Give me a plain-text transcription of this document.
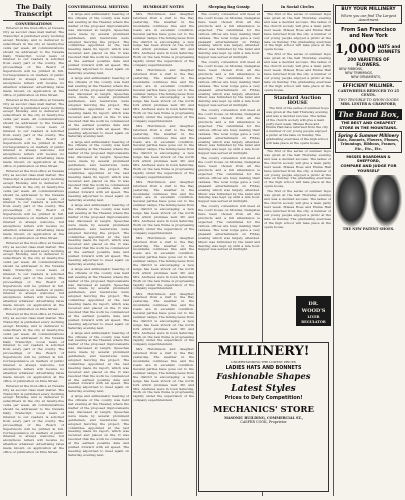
The Daily Transcript
CONVERSATIONS

Entered at the Post-office at Nevada City as second class mail matter. The Transcript is published every morning except Monday, and is delivered to subscribers in the city at twenty-five cents per week. All communications should be addressed to the Nevada Daily Transcript. Local news of interest to our readers is solicited from every part of the county. The proceedings of the Board of Supervisors will be printed in full. Correspondence on matters of public interest is always welcome, but anonymous letters will receive no attention whatever. Advertising rates made known on application at the office of publication on Pine Street.

Entered at the Post-office at Nevada City as second class mail matter. The Transcript is published every morning except Monday, and is delivered to subscribers in the city at twenty-five cents per week. All communications should be addressed to the Nevada Daily Transcript. Local news of interest to our readers is solicited from every part of the county. The proceedings of the Board of Supervisors will be printed in full. Correspondence on matters of public interest is always welcome, but anonymous letters will receive no attention whatever. Advertising rates made known on application at the office of publication on Pine Street.

Entered at the Post-office at Nevada City as second class mail matter. The Transcript is published every morning except Monday, and is delivered to subscribers in the city at twenty-five cents per week. All communications should be addressed to the Nevada Daily Transcript. Local news of interest to our readers is solicited from every part of the county. The proceedings of the Board of Supervisors will be printed in full. Correspondence on matters of public interest is always welcome, but anonymous letters will receive no attention whatever. Advertising rates made known on application at the office of publication on Pine Street.

Entered at the Post-office at Nevada City as second class mail matter. The Transcript is published every morning except Monday, and is delivered to subscribers in the city at twenty-five cents per week. All communications should be addressed to the Nevada Daily Transcript. Local news of interest to our readers is solicited from every part of the county. The proceedings of the Board of Supervisors will be printed in full. Correspondence on matters of public interest is always welcome, but anonymous letters will receive no attention whatever. Advertising rates made known on application at the office of publication on Pine Street.

Entered at the Post-office at Nevada City as second class mail matter. The Transcript is published every morning except Monday, and is delivered to subscribers in the city at twenty-five cents per week. All communications should be addressed to the Nevada Daily Transcript. Local news of interest to our readers is solicited from every part of the county. The proceedings of the Board of Supervisors will be printed in full. Correspondence on matters of public interest is always welcome, but anonymous letters will receive no attention whatever. Advertising rates made known on application at the office of publication on Pine Street.

Entered at the Post-office at Nevada City as second class mail matter. The Transcript is published every morning except Monday, and is delivered to subscribers in the city at twenty-five cents per week. All communications should be addressed to the Nevada Daily Transcript. Local news of interest to our readers is solicited from every part of the county. The proceedings of the Board of Supervisors will be printed in full. Correspondence on matters of public interest is always welcome, but anonymous letters will receive no attention whatever. Advertising rates made known on application at the office of publication on Pine Street.

CONVERSATIONAL MEETING

A large and enthusiastic meeting of the citizens of the county was held last evening at the Theater, where the matter of the proposed improvements was discussed at length. Speeches were made by several prominent gentlemen, and resolutions were adopted favoring the project. The committee appointed at the last meeting made its report, which was received and placed on file. It was resolved that the work be commenced at the earliest possible date and pushed forward with all speed. The meeting adjourned to meet again on Saturday evening next.

A large and enthusiastic meeting of the citizens of the county was held last evening at the Theater, where the matter of the proposed improvements was discussed at length. Speeches were made by several prominent gentlemen, and resolutions were adopted favoring the project. The committee appointed at the last meeting made its report, which was received and placed on file. It was resolved that the work be commenced at the earliest possible date and pushed forward with all speed. The meeting adjourned to meet again on Saturday evening next.

A large and enthusiastic meeting of the citizens of the county was held last evening at the Theater, where the matter of the proposed improvements was discussed at length. Speeches were made by several prominent gentlemen, and resolutions were adopted favoring the project. The committee appointed at the last meeting made its report, which was received and placed on file. It was resolved that the work be commenced at the earliest possible date and pushed forward with all speed. The meeting adjourned to meet again on Saturday evening next.

A large and enthusiastic meeting of the citizens of the county was held last evening at the Theater, where the matter of the proposed improvements was discussed at length. Speeches were made by several prominent gentlemen, and resolutions were adopted favoring the project. The committee appointed at the last meeting made its report, which was received and placed on file. It was resolved that the work be commenced at the earliest possible date and pushed forward with all speed. The meeting adjourned to meet again on Saturday evening next.

A large and enthusiastic meeting of the citizens of the county was held last evening at the Theater, where the matter of the proposed improvements was discussed at length. Speeches were made by several prominent gentlemen, and resolutions were adopted favoring the project. The committee appointed at the last meeting made its report, which was received and placed on file. It was resolved that the work be commenced at the earliest possible date and pushed forward with all speed. The meeting adjourned to meet again on Saturday evening next.

A large and enthusiastic meeting of the citizens of the county was held last evening at the Theater, where the matter of the proposed improvements was discussed at length. Speeches were made by several prominent gentlemen, and resolutions were adopted favoring the project. The committee appointed at the last meeting made its report, which was received and placed on file. It was resolved that the work be commenced at the earliest possible date and pushed forward with all speed. The meeting adjourned to meet again on Saturday evening next.

A large and enthusiastic meeting of the citizens of the county was held last evening at the Theater, where the matter of the proposed improvements was discussed at length. Speeches were made by several prominent gentlemen, and resolutions were adopted favoring the project. The committee appointed at the last meeting made its report, which was received and placed on file. It was resolved that the work be commenced at the earliest possible date and pushed forward with all speed. The meeting adjourned to meet again on Saturday evening next.

HUMBOLDT NOTES

Mrs. Hutchinson and daughter returned from a visit to the Bay yesterday. The weather in the mountains continues fine and the roads are in excellent condition. Several parties have gone out to the summer camps. The mining news from the district is encouraging; a new ledge has been struck on the north fork which promises well. Mr. and Mrs. Andrews were in town Saturday. Work on the new flume is progressing rapidly under the supervision of the company superintendent.

Mrs. Hutchinson and daughter returned from a visit to the Bay yesterday. The weather in the mountains continues fine and the roads are in excellent condition. Several parties have gone out to the summer camps. The mining news from the district is encouraging; a new ledge has been struck on the north fork which promises well. Mr. and Mrs. Andrews were in town Saturday. Work on the new flume is progressing rapidly under the supervision of the company superintendent.

Mrs. Hutchinson and daughter returned from a visit to the Bay yesterday. The weather in the mountains continues fine and the roads are in excellent condition. Several parties have gone out to the summer camps. The mining news from the district is encouraging; a new ledge has been struck on the north fork which promises well. Mr. and Mrs. Andrews were in town Saturday. Work on the new flume is progressing rapidly under the supervision of the company superintendent.

Mrs. Hutchinson and daughter returned from a visit to the Bay yesterday. The weather in the mountains continues fine and the roads are in excellent condition. Several parties have gone out to the summer camps. The mining news from the district is encouraging; a new ledge has been struck on the north fork which promises well. Mr. and Mrs. Andrews were in town Saturday. Work on the new flume is progressing rapidly under the supervision of the company superintendent.

Mrs. Hutchinson and daughter returned from a visit to the Bay yesterday. The weather in the mountains continues fine and the roads are in excellent condition. Several parties have gone out to the summer camps. The mining news from the district is encouraging; a new ledge has been struck on the north fork which promises well. Mr. and Mrs. Andrews were in town Saturday. Work on the new flume is progressing rapidly under the supervision of the company superintendent.

Mrs. Hutchinson and daughter returned from a visit to the Bay yesterday. The weather in the mountains continues fine and the roads are in excellent condition. Several parties have gone out to the summer camps. The mining news from the district is encouraging; a new ledge has been struck on the north fork which promises well. Mr. and Mrs. Andrews were in town Saturday. Work on the new flume is progressing rapidly under the supervision of the company superintendent.

Mrs. Hutchinson and daughter returned from a visit to the Bay yesterday. The weather in the mountains continues fine and the roads are in excellent condition. Several parties have gone out to the summer camps. The mining news from the district is encouraging; a new ledge has been struck on the north fork which promises well. Mr. and Mrs. Andrews were in town Saturday. Work on the new flume is progressing rapidly under the supervision of the company superintendent.

Sleeping Bag Gossip

The county convention will meet at the court house on Monday. Delegates have been chosen from all the precincts and a full attendance is expected. The candidates for the various offices are busy making their canvass. The local lodge gave a very pleasant entertainment on Friday evening which was largely attended. Music was furnished by the band and dancing was kept up until a late hour. Supper was served at midnight.

The county convention will meet at the court house on Monday. Delegates have been chosen from all the precincts and a full attendance is expected. The candidates for the various offices are busy making their canvass. The local lodge gave a very pleasant entertainment on Friday evening which was largely attended. Music was furnished by the band and dancing was kept up until a late hour. Supper was served at midnight.

The county convention will meet at the court house on Monday. Delegates have been chosen from all the precincts and a full attendance is expected. The candidates for the various offices are busy making their canvass. The local lodge gave a very pleasant entertainment on Friday evening which was largely attended. Music was furnished by the band and dancing was kept up until a late hour. Supper was served at midnight.

The county convention will meet at the court house on Monday. Delegates have been chosen from all the precincts and a full attendance is expected. The candidates for the various offices are busy making their canvass. The local lodge gave a very pleasant entertainment on Friday evening which was largely attended. Music was furnished by the band and dancing was kept up until a late hour. Supper was served at midnight.

The county convention will meet at the court house on Monday. Delegates have been chosen from all the precincts and a full attendance is expected. The candidates for the various offices are busy making their canvass. The local lodge gave a very pleasant entertainment on Friday evening which was largely attended. Music was furnished by the band and dancing was kept up until a late hour. Supper was served at midnight.

In Social Circles

The first of the series of summer hops was given at the hall Thursday evening and was a decided success. The ladies of the church society will give a lawn party next week. Misses Rose and Emma Hall have returned from the city. A number of our young people enjoyed a picnic at the lake on Sunday. The graduating exercises of the high school will take place at the opera house.

The first of the series of summer hops was given at the hall Thursday evening and was a decided success. The ladies of the church society will give a lawn party next week. Misses Rose and Emma Hall have returned from the city. A number of our young people enjoyed a picnic at the lake on Sunday. The graduating exercises of the high school will take place at the opera house.

Standard Auction HOUSE

The first of the series of summer hops was given at the hall Thursday evening and was a decided success. The ladies of the church society will give a lawn party next week. Misses Rose and Emma Hall have returned from the city. A number of our young people enjoyed a picnic at the lake on Sunday. The graduating exercises of the high school will take place at the opera house.

The first of the series of summer hops was given at the hall Thursday evening and was a decided success. The ladies of the church society will give a lawn party next week. Misses Rose and Emma Hall have returned from the city. A number of our young people enjoyed a picnic at the lake on Sunday. The graduating exercises of the high school will take place at the opera house.

The first of the series of summer hops was given at the hall Thursday evening and was a decided success. The ladies of the church society will give a lawn party next week. Misses Rose and Emma Hall have returned from the city. A number of our young people enjoyed a picnic at the lake on Sunday. The graduating exercises of the high school will take place at the opera house.

DR. WOOD'S
LIVER REGULATOR
MILLINERY!
UNDERSTANDING THE LOWEST PRICES
LADIES HATS AND BONNETS
Fashionable Shapes
Latest Styles
Prices to Defy Competition!
MECHANICS' STORE
MASONIC BUILDING, COMMERCIAL ST.,
CASPER COOK, Proprietor
BUY YOUR MILLINERY
Where you can find The Largest Assortment
From San Francisco and New York
1,000 HATS and BONNETS
200 VARIETIES OF FLOWERS.
NEW RIBBONS,
NEW TRIMMINGS,
NEW ORNAMENTS,
EFFICIENT MILLINER.
CARTWHEELS REDUCED TO 25 CENTS.
TWO TROUBLE TO SHOW GOODS
MRS. LESTER & CRAWFORD,
The Band Box,
THE BEST AND CHEAPEST STORE IN THE MOUNTAINS.
Spring & Summer Millinery
Hats, Bonnets, Flowers, Plumes, Trimmings, Ribbons, Frames, Etc., Etc., Etc.
MISSES BOARDMAN & SHEFFORD,
COMPARE AND JUDGE FOR YOURSELF
THE NEW PATENT SHOES.
